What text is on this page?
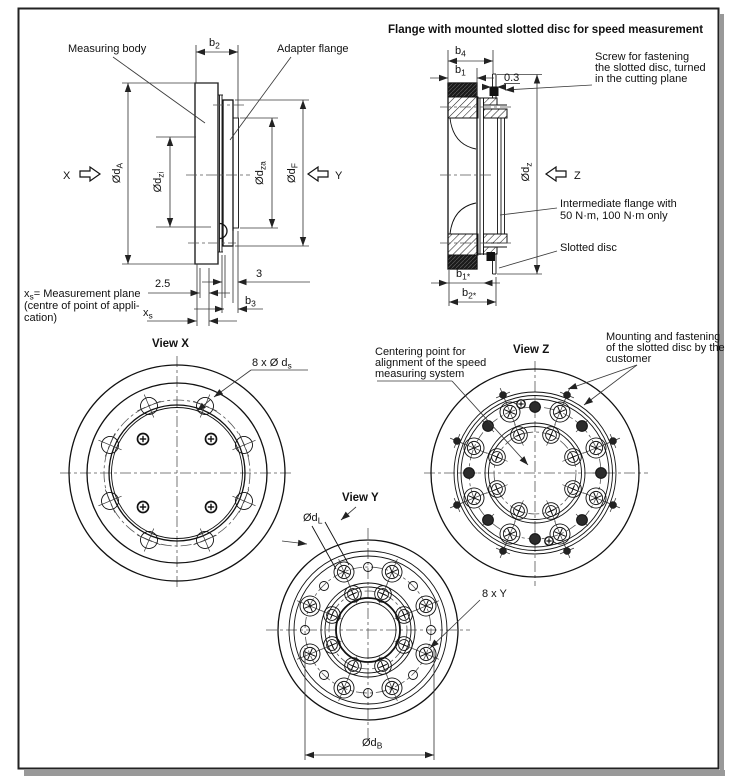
Flange with mounted slotted disc for speed measurement
Measuring body	Adapter flange
$b_2$
$Ød_A$
$Ød_{zi}$	$Ød_{za}$
$Ød_F$
2.5
3
$b_3$
$x_s$
X	Y
$x_s=$ Measurement plane
(centre of point of appli-
cation)
$b_4$
$b_1$	0.3
$Ød_z$
Z
$b_{1*}$
$b_{2*}$
Screw for fastening
the slotted disc, turned
in the cutting plane
Intermediate flange with
50 N·m, 100 N·m only
Slotted disc
View X
8 x Ø $d_s$
View Z
Centering point for
alignment of the speed
measuring system
Mounting and fastening
of the slotted disc by the
customer
View Y
$Ød_L$
8 x Y
$Ød_B$
